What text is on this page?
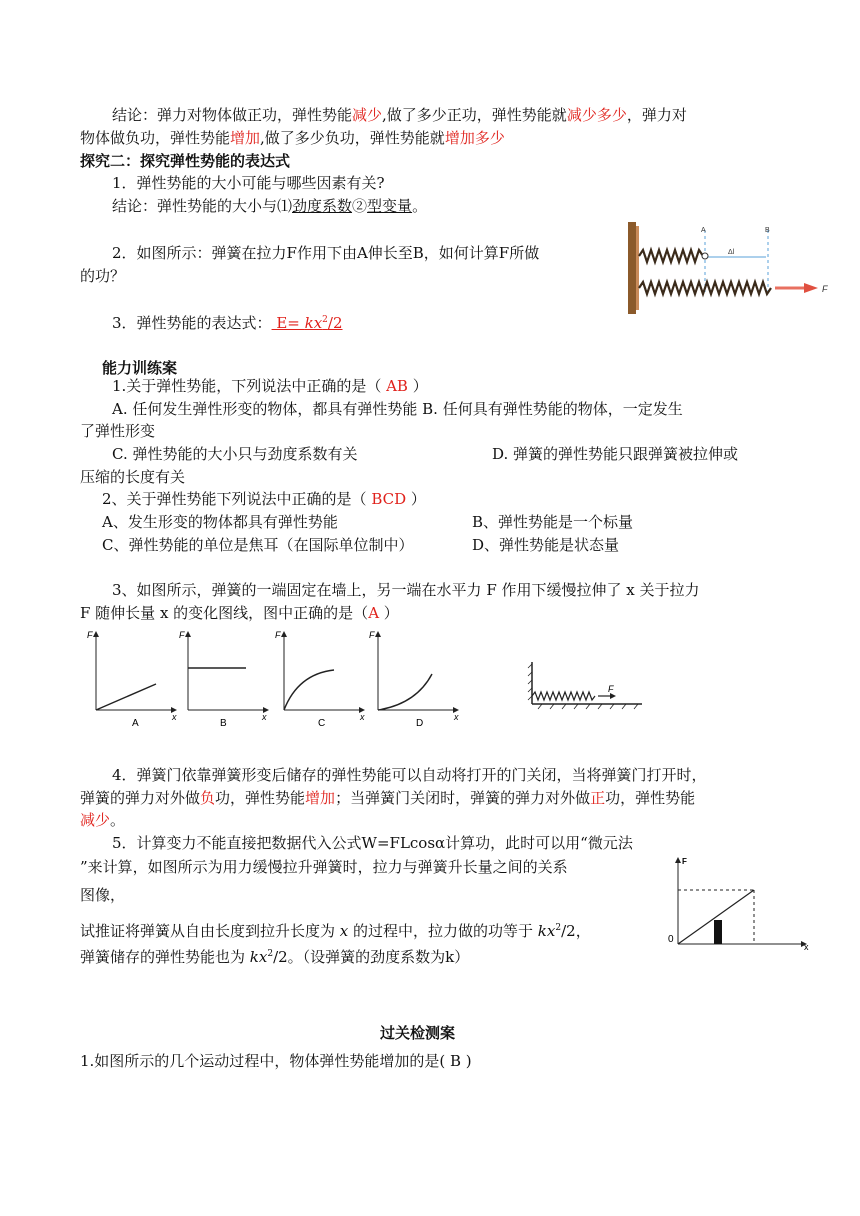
结论：弹力对物体做正功，弹性势能减少,做了多少正功，弹性势能就减少多少，弹力对
物体做负功，弹性势能增加,做了多少负功，弹性势能就增加多少
探究二：探究弹性势能的表达式
1．弹性势能的大小可能与哪些因素有关?
结论：弹性势能的大小与⑴劲度系数②型变量。
2．如图所示：弹簧在拉力F作用下由A伸长至B，如何计算F所做
的功？
3．弹性势能的表达式： $E= kx^2/2$
A	B
Δl
F
能力训练案
1.关于弹性势能，下列说法中正确的是（ AB ）
A. 任何发生弹性形变的物体，都具有弹性势能 B. 任何具有弹性势能的物体，一定发生
了弹性形变
C. 弹性势能的大小只与劲度系数有关	D. 弹簧的弹性势能只跟弹簧被拉伸或
压缩的长度有关
2、关于弹性势能下列说法中正确的是（ BCD ）
A、发生形变的物体都具有弹性势能	B、弹性势能是一个标量
C、弹性势能的单位是焦耳（在国际单位制中）	D、弹性势能是状态量
3、如图所示，弹簧的一端固定在墙上，另一端在水平力 F 作用下缓慢拉伸了 x 关于拉力
F 随伸长量 x 的变化图线，图中正确的是（A ）
F
x
A
F
x
B
F
x
C
F
x
D
F
4．弹簧门依靠弹簧形变后储存的弹性势能可以自动将打开的门关闭，当将弹簧门打开时，
弹簧的弹力对外做负功，弹性势能增加；当弹簧门关闭时，弹簧的弹力对外做正功，弹性势能
减少。
5．计算变力不能直接把数据代入公式W=FLcosα计算功，此时可以用“微元法
”来计算，如图所示为用力缓慢拉升弹簧时，拉力与弹簧升长量之间的关系
图像，
试推证将弹簧从自由长度到拉升长度为 x 的过程中，拉力做的功等于 $kx^2/2$，
弹簧储存的弹性势能也为 $kx^2/2$。（设弹簧的劲度系数为k）
F
0
x
过关检测案
1.如图所示的几个运动过程中，物体弹性势能增加的是( B )
